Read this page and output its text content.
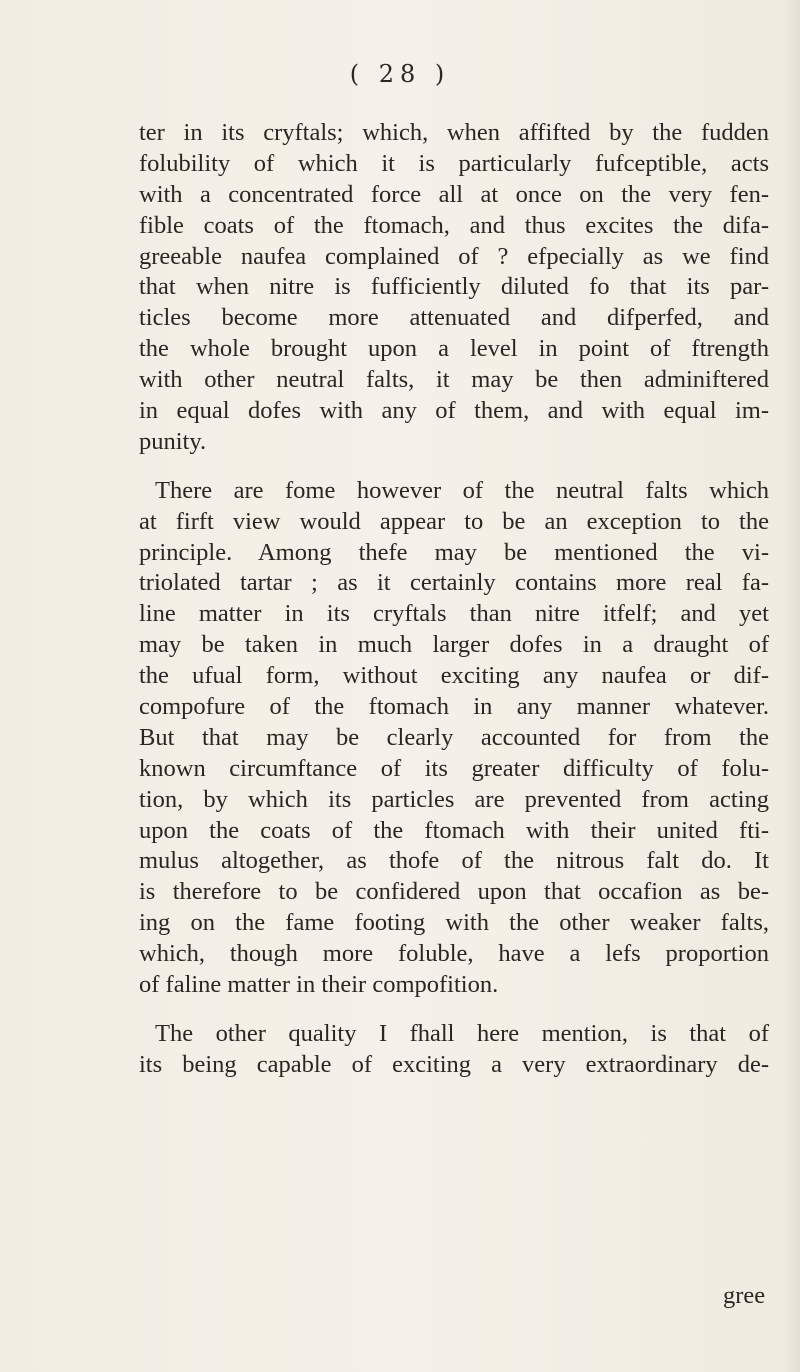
( 28 )
ter in its cryftals; which, when affifted by the fudden
folubility of which it is particularly fufceptible, acts
with a concentrated force all at once on the very fen-
fible coats of the ftomach, and thus excites the difa-
greeable naufea complained of ? efpecially as we find
that when nitre is fufficiently diluted fo that its par-
ticles become more attenuated and difperfed, and
the whole brought upon a level in point of ftrength
with other neutral falts, it may be then adminiftered
in equal dofes with any of them, and with equal im-
punity.
There are fome however of the neutral falts which
at firft view would appear to be an exception to the
principle. Among thefe may be mentioned the vi-
triolated tartar ; as it certainly contains more real fa-
line matter in its cryftals than nitre itfelf; and yet
may be taken in much larger dofes in a draught of
the ufual form, without exciting any naufea or dif-
compofure of the ftomach in any manner whatever.
But that may be clearly accounted for from the
known circumftance of its greater difficulty of folu-
tion, by which its particles are prevented from acting
upon the coats of the ftomach with their united fti-
mulus altogether, as thofe of the nitrous falt do. It
is therefore to be confidered upon that occafion as be-
ing on the fame footing with the other weaker falts,
which, though more foluble, have a lefs proportion
of faline matter in their compofition.
The other quality I fhall here mention, is that of
its being capable of exciting a very extraordinary de-
gree
